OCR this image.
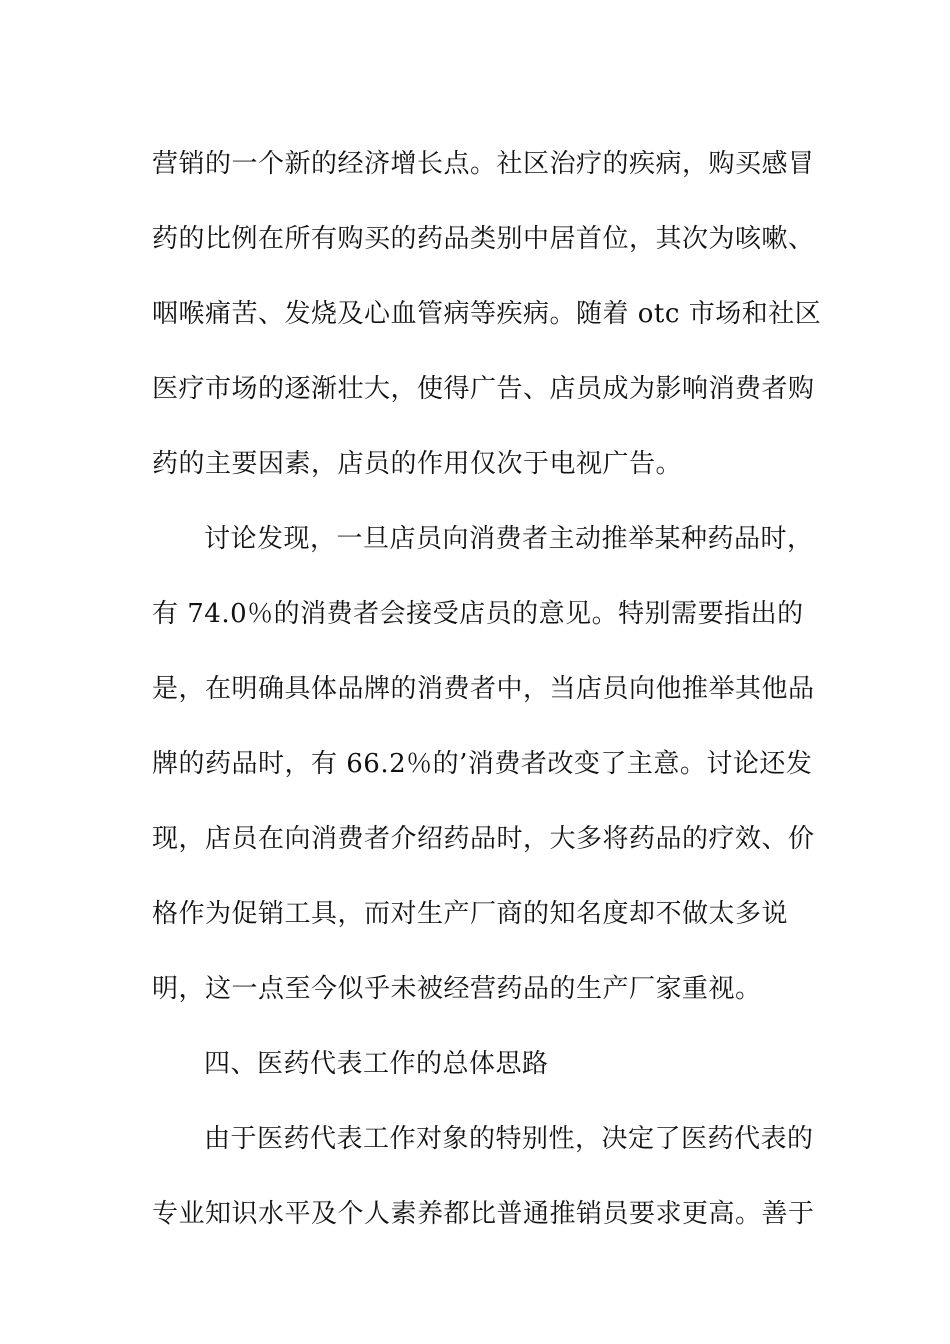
营销的一个新的经济增长点。社区治疗的疾病，购买感冒
药的比例在所有购买的药品类别中居首位，其次为咳嗽、
咽喉痛苦、发烧及心血管病等疾病。随着 otc 市场和社区
医疗市场的逐渐壮大，使得广告、店员成为影响消费者购
药的主要因素，店员的作用仅次于电视广告。
讨论发现，一旦店员向消费者主动推举某种药品时，
有 74.0％的消费者会接受店员的意见。特别需要指出的
是，在明确具体品牌的消费者中，当店员向他推举其他品
牌的药品时，有 66.2％的’消费者改变了主意。讨论还发
现，店员在向消费者介绍药品时，大多将药品的疗效、价
格作为促销工具，而对生产厂商的知名度却不做太多说
明，这一点至今似乎未被经营药品的生产厂家重视。
四、医药代表工作的总体思路
由于医药代表工作对象的特别性，决定了医药代表的
专业知识水平及个人素养都比普通推销员要求更高。善于
